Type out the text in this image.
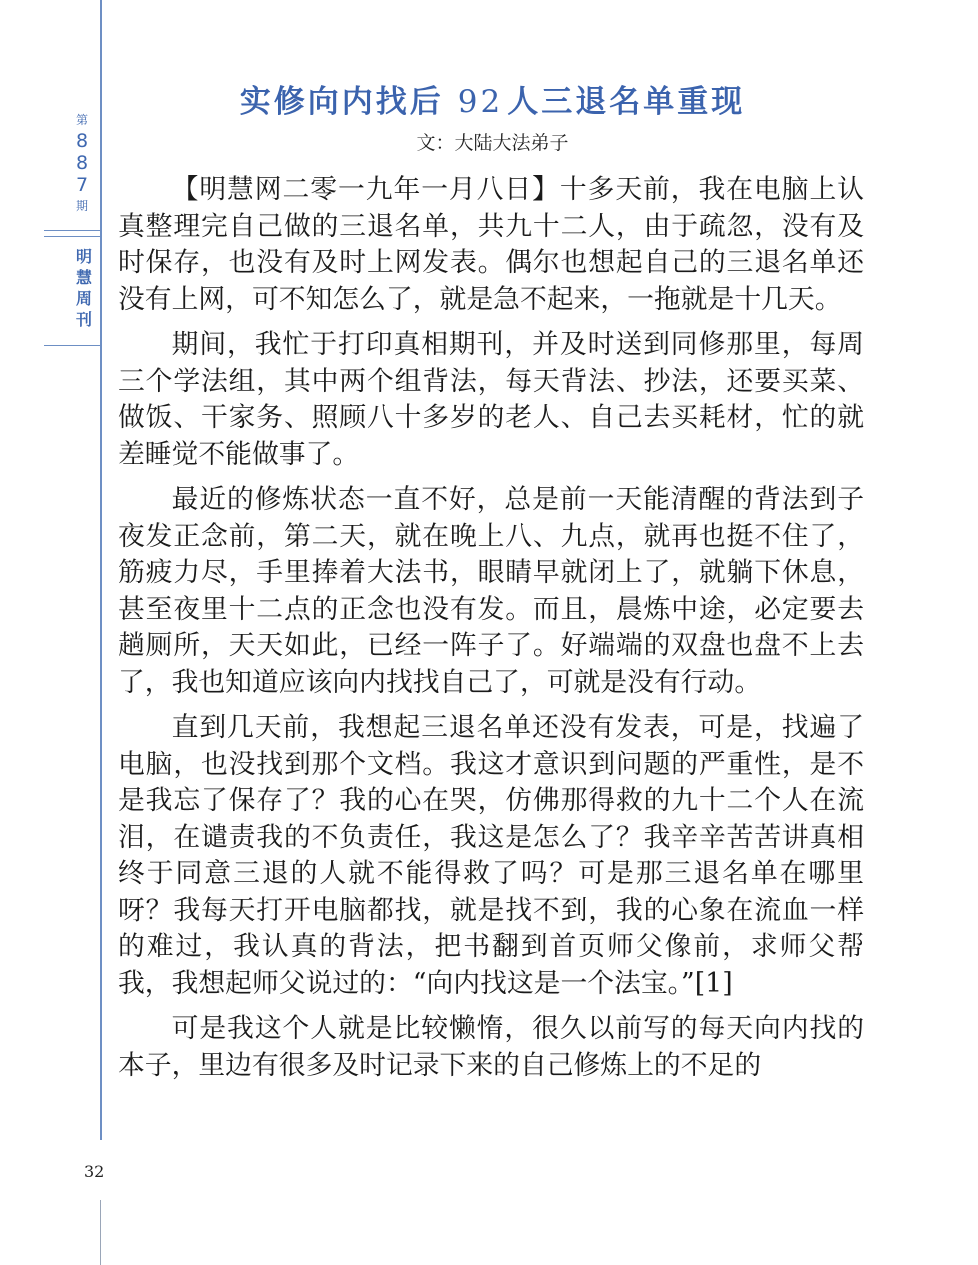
第
8
8
7
期
明
慧
周
刊
32
实修向内找后 92 人三退名单重现
文：大陆大法弟子

【明慧网二零一九年一月八日】十多天前，我在电脑上认真整理完自己做的三退名单，共九十二人，由于疏忽，没有及时保存，也没有及时上网发表。偶尔也想起自己的三退名单还没有上网，可不知怎么了，就是急不起来，一拖就是十几天。

期间，我忙于打印真相期刊，并及时送到同修那里，每周三个学法组，其中两个组背法，每天背法、抄法，还要买菜、做饭、干家务、照顾八十多岁的老人、自己去买耗材，忙的就差睡觉不能做事了。

最近的修炼状态一直不好，总是前一天能清醒的背法到子夜发正念前，第二天，就在晚上八、九点，就再也挺不住了，筋疲力尽，手里捧着大法书，眼睛早就闭上了，就躺下休息，甚至夜里十二点的正念也没有发。而且，晨炼中途，必定要去趟厕所，天天如此，已经一阵子了。好端端的双盘也盘不上去了，我也知道应该向内找找自己了，可就是没有行动。

直到几天前，我想起三退名单还没有发表，可是，找遍了电脑，也没找到那个文档。我这才意识到问题的严重性，是不是我忘了保存了？我的心在哭，仿佛那得救的九十二个人在流泪，在谴责我的不负责任，我这是怎么了？我辛辛苦苦讲真相终于同意三退的人就不能得救了吗？可是那三退名单在哪里呀？我每天打开电脑都找，就是找不到，我的心象在流血一样的难过，我认真的背法，把书翻到首页师父像前，求师父帮我，我想起师父说过的：“向内找这是一个法宝。”[1]

可是我这个人就是比较懒惰，很久以前写的每天向内找的本子，里边有很多及时记录下来的自己修炼上的不足的
